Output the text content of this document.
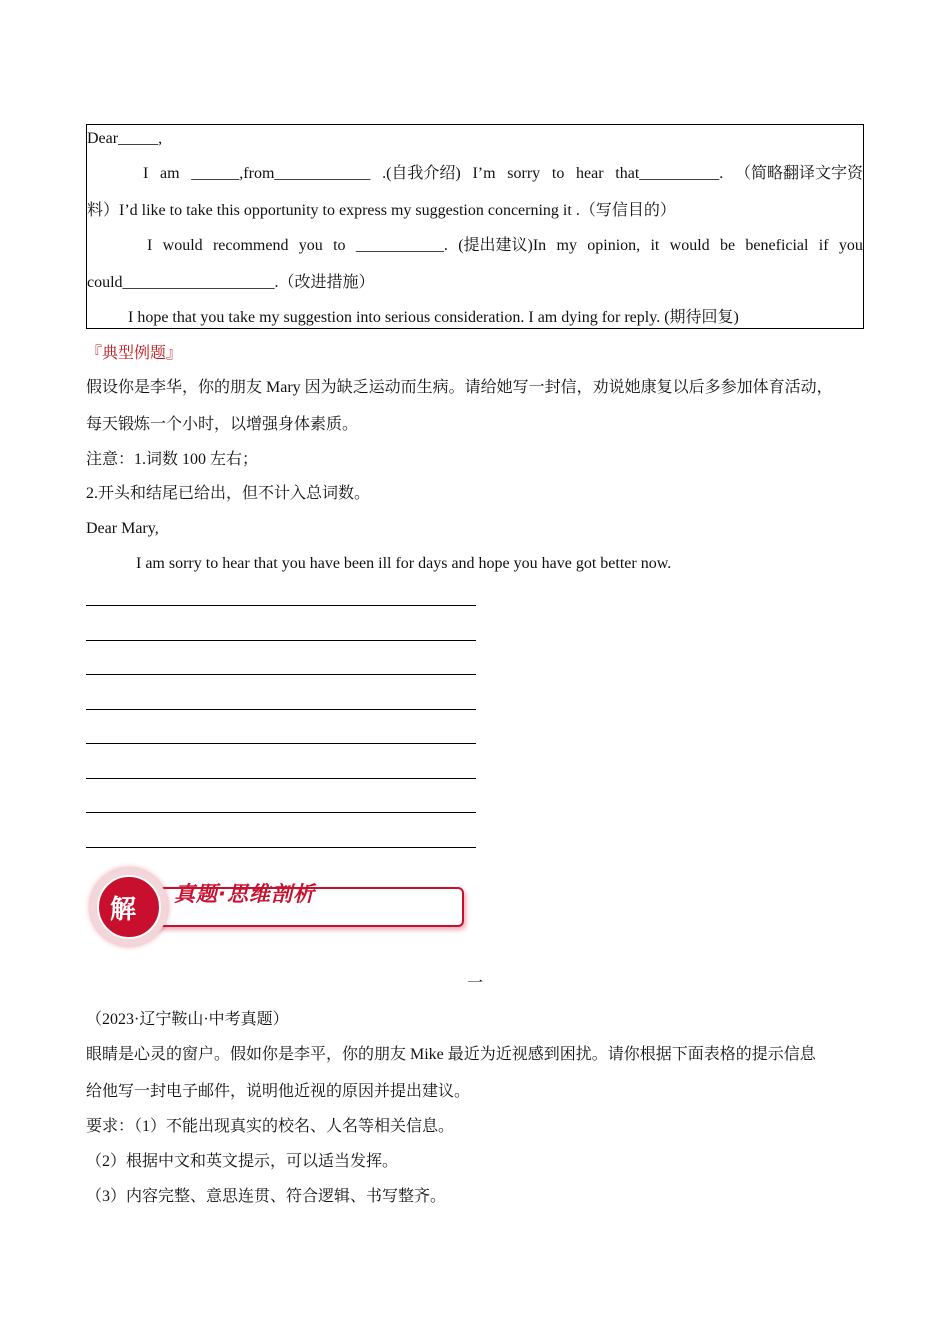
Dear_____,
I am ______,from____________ .(自我介绍) I’m sorry to hear that__________. （简略翻译文字资
料）I’d like to take this opportunity to express my suggestion concerning it .（写信目的）
I would recommend you to ___________. (提出建议)In my opinion, it would be beneficial if you
could___________________.（改进措施）
I hope that you take my suggestion into serious consideration. I am dying for reply. (期待回复)
『典型例题』
假设你是李华，你的朋友 Mary 因为缺乏运动而生病。请给她写一封信，劝说她康复以后多参加体育活动，
每天锻炼一个小时，以增强身体素质。
注意：1.词数 100 左右；
2.开头和结尾已给出，但不计入总词数。
Dear Mary,
I am sorry to hear that you have been ill for days and hope you have got better now.
解
真题·思维剖析
一
（2023·辽宁鞍山·中考真题）
眼睛是心灵的窗户。假如你是李平，你的朋友 Mike 最近为近视感到困扰。请你根据下面表格的提示信息
给他写一封电子邮件，说明他近视的原因并提出建议。
要求：（1）不能出现真实的校名、人名等相关信息。
（2）根据中文和英文提示，可以适当发挥。
（3）内容完整、意思连贯、符合逻辑、书写整齐。
